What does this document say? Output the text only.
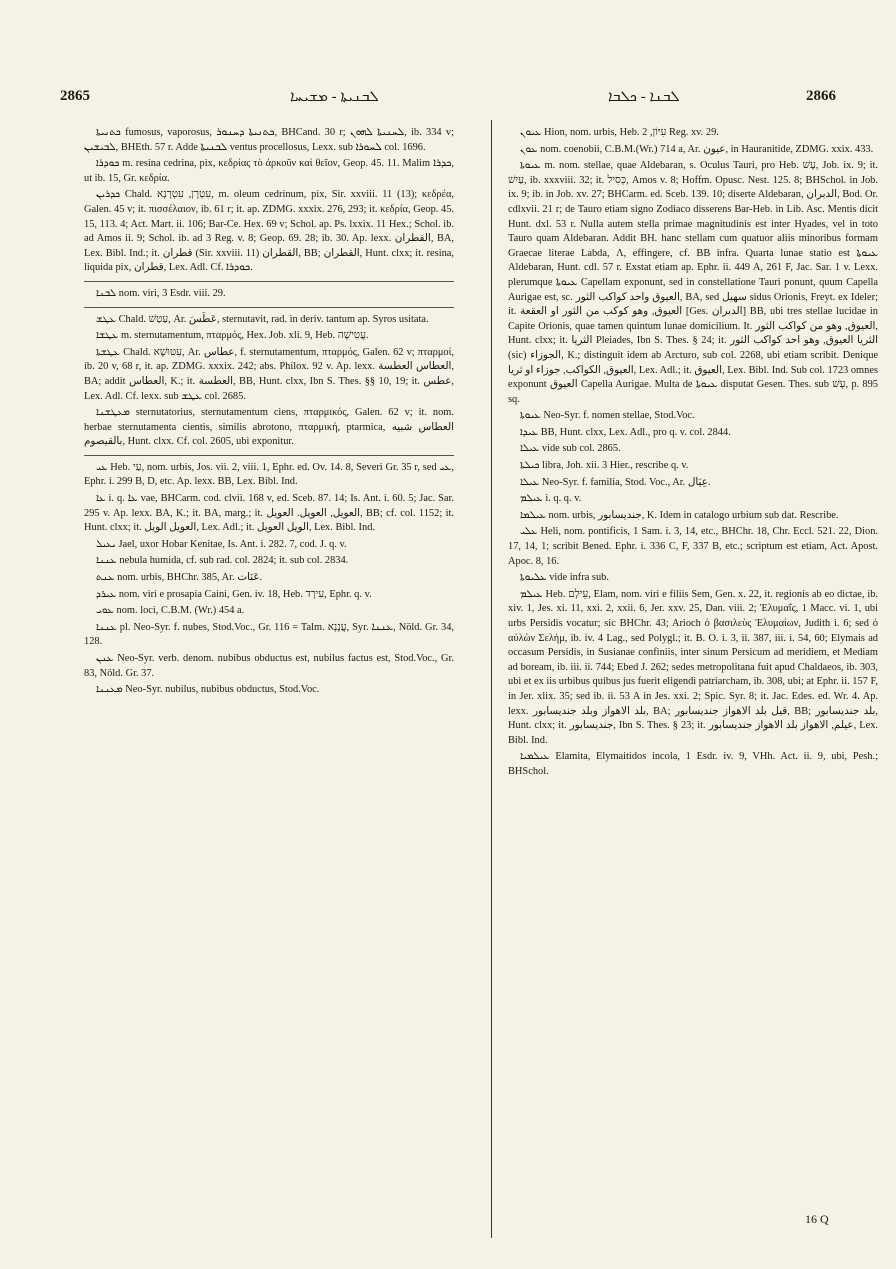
2865	ܠܒܢܝܬܐ - ܡܫܝܚܐ	ܠܒܢܐ - ܟܠܒܐ	2866

ܟܬܢܝܬܐ fumosus, vaporosus, ܟܬܢܝܬܐ ܕܚܢܘܪ, BHCand. 30 r; ܠܚܢܝܬܐ ܠܗܘܢ, ib. 334 v; ܠܒܝܫܝܢ, BHEth. 57 r. Adde ܠܒܢܝܬܐ ventus procellosus, Lexx. sub ܠܚܘܪܐ col. 1696.

ܟܘܕܪܐ m. resina cedrina, pix, κεδρίας τὸ ἀρκοῦν καὶ θεῖον, Geop. 45. 11. Malim ܟܕܪܐ, ut ib. 15, Gr. κεδρία.

ܟܕܪܝܢ Chald. עִטְרָן, עִטְרָנָא, m. oleum cedrinum, pix, Sir. xxviii. 11 (13); κεδρέα, Galen. 45 v; it. πισσέλαιον, ib. 61 r; it. ap. ZDMG. xxxix. 276, 293; it. κεδρία, Geop. 45. 15, 113. 4; Act. Mart. ii. 106; Bar-Ce. Hex. 69 v; Schol. ap. Ps. lxxix. 11 Hex.; Schol. ib. ad Amos ii. 9; Schol. ib. ad 3 Reg. v. 8; Geop. 69. 28; ib. 30. Ap. lexx. القطران, BA, Lex. Bibl. Ind.; it. قطران (Sir. xxviii. 11) القطران, BB; القطران, Hunt. clxx; it. resina, liquida pix, قطران, Lex. Adl. Cf. ܟܘܕܪܐ.

ܠܒܢܐ nom. viri, 3 Esdr. viii. 29.

ܥܛܫ Chald. עַטַשׁ, Ar. عَطَسَ, sternutavit, rad. in deriv. tantum ap. Syros usitata.

ܥܛܫܐ m. sternutamentum, πταρμός, Hex. Job. xli. 9, Heb. עֲטִישָׁה.

ܥܛܫܬܐ Chald. עִטּוּשָׁא, Ar. عطاس, f. sternutamentum, πταρμός, Galen. 62 v; πταρμοί, ib. 20 v, 68 r, it. ap. ZDMG. xxxix. 242; abs. Philox. 92 v. Ap. lexx. العطاس العطسة, BA; addit العطاس, K.; it. العطسة, BB, Hunt. clxx, Ibn S. Thes. §§ 10, 19; it. عطس, Lex. Adl. Cf. lexx. sub ܥܛܫ col. 2685.

ܡܥܛܫܢܐ sternutatorius, sternutamentum ciens, πταρμικός, Galen. 62 v; it. nom. herbae sternutamenta cientis, similis abrotono, πταρμική, ptarmica, العطاس شبيه بالقيصوم, Hunt. clxx. Cf. col. 2605, ubi exponitur.

ܥܝ Heb. עַי, nom. urbis, Jos. vii. 2, viii. 1, Ephr. ed. Ov. 14. 8, Severi Gr. 35 r, sed ܥܝ, Ephr. i. 299 B, D, etc. Ap. lexx. BB, Lex. Bibl. Ind.

ܥܐ i. q. ܥܐ vae, BHCarm. cod. clvii. 168 v, ed. Sceb. 87. 14; Is. Ant. i. 60. 5; Jac. Sar. 295 v. Ap. lexx. BA, K.; it. BA, marg.; it. العويل, العويل. العويل, BB; cf. col. 1152; it. Hunt. clxx; it. العويل الويل, Lex. Adl.; it. الويل العويل, Lex. Bibl. Ind.

ܝܥܝܠ Jael, uxor Hobar Kenitae, Is. Ant. i. 282. 7, cod. J. q. v.

ܥܢܢܐ nebula humida, cf. sub rad. col. 2824; it. sub col. 2834.

ܥܢܬ nom. urbis, BHChr. 385, Ar. عَنَات.

ܥܝܪܕ nom. viri e prosapia Caini, Gen. iv. 18, Heb. עִירָד, Ephr. q. v.

ܥܘܝ nom. loci, C.B.M. (Wr.) 454 a.

ܥܢܢܐ pl. Neo-Syr. f. nubes, Stod.Voc., Gr. 116 = Talm. עֲנָנָא, Syr. ܥܢܢܐ, Nöld. Gr. 34, 128.

ܥܢܢ Neo-Syr. verb. denom. nubibus obductus est, nubilus factus est, Stod.Voc., Gr. 83, Nöld. Gr. 37.

ܡܥܢܢܐ Neo-Syr. nubilus, nubibus obductus, Stod.Voc.

ܥܝܘܢ Hion, nom. urbis, Heb. עִיּוֹן, 2 Reg. xv. 29.

ܥܘܢ nom. coenobii, C.B.M.(Wr.) 714 a, Ar. عيون, in Hauranitide, ZDMG. xxix. 433.

ܥܝܘܬܐ m. nom. stellae, quae Aldebaran, s. Oculus Tauri, pro Heb. עָשׁ, Job. ix. 9; it. עַיִשׁ, ib. xxxviii. 32; it. כְּסִיל, Amos v. 8; Hoffm. Opusc. Nest. 125. 8; BHSchol. in Job. ix. 9; ib. in Job. xv. 27; BHCarm. ed. Sceb. 139. 10; diserte Aldebaran, الدبران, Bod. Or. cdlxvii. 21 r; de Tauro etiam signo Zodiaco disserens Bar-Heb. in Lib. Asc. Mentis dicit Hunt. dxl. 53 r. Nulla autem stella primae magnitudinis est inter Hyades, vel in toto Tauro quam Aldebaran. Addit BH. hanc stellam cum quatuor aliis minoribus formam Graecae literae Labda, Λ, effingere, cf. BB infra. Quarta lunae statio est ܥܝܘܬܐ Aldebaran, Hunt. cdl. 57 r. Exstat etiam ap. Ephr. ii. 449 A, 261 F, Jac. Sar. 1 v. Lexx. plerumque ܥܝܘܬܐ Capellam exponunt, sed in constellatione Tauri ponunt, quum Capella Aurigae est, sc. العيوق واحد كواكب الثور, BA, sed سهيل sidus Orionis, Freyt. ex Ideler; it. العيوق, وهو كوكب من الثور او العقعة [Ges. الدبران] BB, ubi tres stellae lucidae in Capite Orionis, quae tamen quintum lunae domicilium. It. العيوق, وهو من كواكب الثور, Hunt. clxx; it. الثريا Pleiades, Ibn S. Thes. § 24; it. الثريا العيوق, وهو احد كواكب الثور (sic) الجوزاء, K.; distinguit idem ab Arcturo, sub col. 2268, ubi etiam scribit. Denique العيوق, الكواكب, جوزاء او ثريا, Lex. Adl.; it. العيوق, Lex. Bibl. Ind. Sub col. 1723 omnes exponunt العيوق Capella Aurigae. Multa de ܥܝܘܬܐ disputat Gesen. Thes. sub עָשׁ, p. 895 sq.

ܥܝܘܬܐ Neo-Syr. f. nomen stellae, Stod.Voc.

ܥܝܕܐ BB, Hunt. clxx, Lex. Adl., pro q. v. col. 2844.

ܥܝܠܐ vide sub col. 2865.

ܟܝܠܬܐ libra, Joh. xii. 3 Hier., rescribe q. v.

ܥܝܠܐ Neo-Syr. f. familia, Stod. Voc., Ar. عِيَال.

ܥܝܠܡ i. q. q. v.

ܥܝܠܡܐ nom. urbis, جنديسابور, K. Idem in catalogo urbium sub dat. Rescribe.

ܥܠܝ Heli, nom. pontificis, 1 Sam. i. 3, 14, etc., BHChr. 18, Chr. Eccl. 521. 22, Dion. 17, 14, 1; scribit Bened. Ephr. i. 336 C, F, 337 B, etc.; scriptum est etiam, Act. Apost. Apoc. 8, 16.

ܥܠܝܘܬܐ vide infra sub.

ܥܝܠܡ Heb. עֵילָם, Elam, nom. viri e filiis Sem, Gen. x. 22, it. regionis ab eo dictae, ib. xiv. 1, Jes. xi. 11, xxi. 2, xxii. 6, Jer. xxv. 25, Dan. viii. 2; Ἐλυμαΐς, 1 Macc. vi. 1, ubi urbs Persidis vocatur; sic BHChr. 43; Arioch ὁ βασιλεὺς Ἐλυμαίων, Judith i. 6; sed ὁ αὐλὼν Σελήμ, ib. iv. 4 Lag., sed Polygl.; it. B. O. i. 3, ii. 387, iii. i. 54, 60; Elymais ad occasum Persidis, in Susianae confiniis, inter sinum Persicum ad meridiem, et Mediam ad boream, ib. iii. ii. 744; Ebed J. 262; sedes metropolitana fuit apud Chaldaeos, ib. 303, ubi et ex iis urbibus quibus jus fuerit eligendi patriarcham, ib. 308, ubi; at Ephr. ii. 157 F, in Jer. xlix. 35; sed ib. ii. 53 A in Jes. xxi. 2; Spic. Syr. 8; it. Jac. Edes. ed. Wr. 4. Ap. lexx. بلد الاهواز وبلد جنديسابور, BA; قيل بلد الاهواز جنديسابور, BB; بلد جنديسابور, Hunt. clxx; it. جنديسابور, Ibn S. Thes. § 23; it. عيلم, الاهواز بلد الاهواز جنديسابور, Lex. Bibl. Ind.

ܥܝܠܡܝܐ Elamita, Elymaitidos incola, 1 Esdr. iv. 9, VHh. Act. ii. 9, ubi, Pesh.; BHSchol.

16 Q
